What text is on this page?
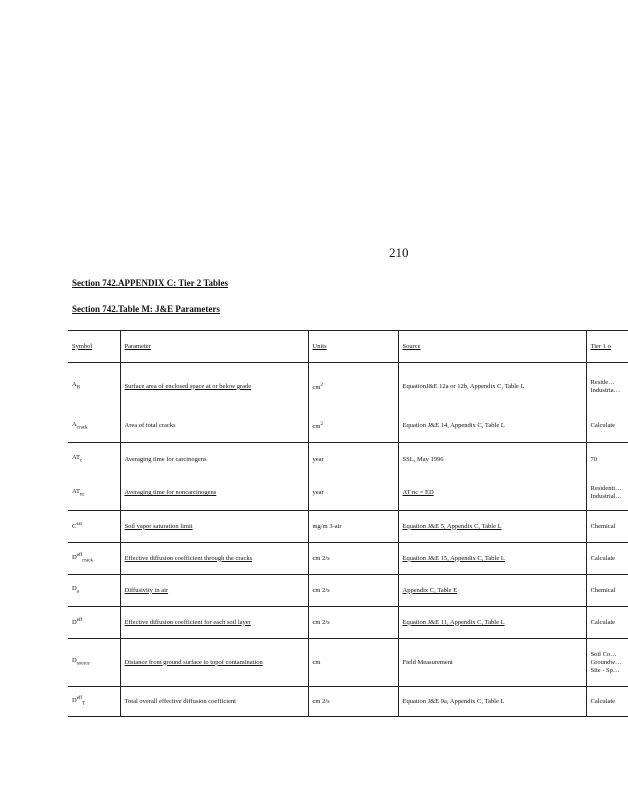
210
Section 742.APPENDIX C: Tier 2 Tables
Section 742.Table M: J&E Parameters
Symbol	Parameter	Units	Source	Tier 1 o
$A_B$	Surface area of enclosed space at or below grade	$cm^2$	EquationJ&E 12a or 12b, Appendix C, Table L	Reside… Industria…
$A_{crack}$	Area of total cracks	$cm^2$	Equation J&E 14, Appendix C, Table L	Calculate
$AT_c$	Averaging time for carcinogens	year	SSL, May 1996	70
$AT_{nc}$	Averaging time for noncarcinogens	year	AT nc = ED	Residenti… Industrial…
$C^{sat}$	Soil vapor saturation limit	mg/m 3-air	Equation J&E 5, Appendix C, Table L	Chemical
$D^{eff}_{crack}$	Effective diffusion coefficient through the cracks	cm 2/s	Equation J&E 15, Appendix C, Table L	Calculate
$D_a$	Diffusivity in air	cm 2/s	Appendix C, Table E	Chemical
$D^{eff}$	Effective diffusion coefficient for each soil layer	cm 2/s	Equation J&E 11, Appendix C, Table L	Calculate
$D_{source}$	Distance from ground surface to topof contamination	cm	Field Measurement	Soil Co… Groundw… Site - Sp…
$D^{eff}_T$	Total overall effective diffusion coefficient	cm 2/s	Equation J&E 9a, Appendix C, Table L	Calculate
